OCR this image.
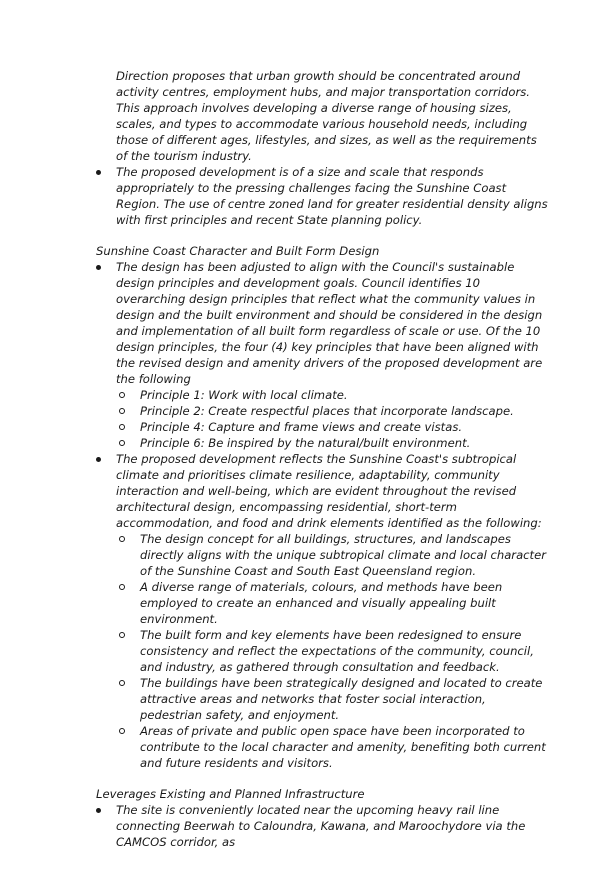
Direction proposes that urban growth should be concentrated around activity centres, employment hubs, and major transportation corridors. This approach involves developing a diverse range of housing sizes, scales, and types to accommodate various household needs, including those of different ages, lifestyles, and sizes, as well as the requirements of the tourism industry.
The proposed development is of a size and scale that responds appropriately to the pressing challenges facing the Sunshine Coast Region. The use of centre zoned land for greater residential density aligns with first principles and recent State planning policy.
Sunshine Coast Character and Built Form Design
The design has been adjusted to align with the Council's sustainable design principles and development goals. Council identifies 10 overarching design principles that reflect what the community values in design and the built environment and should be considered in the design and implementation of all built form regardless of scale or use. Of the 10 design principles, the four (4) key principles that have been aligned with the revised design and amenity drivers of the proposed development are the following
Principle 1: Work with local climate.
Principle 2: Create respectful places that incorporate landscape.
Principle 4: Capture and frame views and create vistas.
Principle 6: Be inspired by the natural/built environment.
The proposed development reflects the Sunshine Coast's subtropical climate and prioritises climate resilience, adaptability, community interaction and well-being, which are evident throughout the revised architectural design, encompassing residential, short-term accommodation, and food and drink elements identified as the following:
The design concept for all buildings, structures, and landscapes directly aligns with the unique subtropical climate and local character of the Sunshine Coast and South East Queensland region.
A diverse range of materials, colours, and methods have been employed to create an enhanced and visually appealing built environment.
The built form and key elements have been redesigned to ensure consistency and reflect the expectations of the community, council, and industry, as gathered through consultation and feedback.
The buildings have been strategically designed and located to create attractive areas and networks that foster social interaction, pedestrian safety, and enjoyment.
Areas of private and public open space have been incorporated to contribute to the local character and amenity, benefiting both current and future residents and visitors.
Leverages Existing and Planned Infrastructure
The site is conveniently located near the upcoming heavy rail line connecting Beerwah to Caloundra, Kawana, and Maroochydore via the CAMCOS corridor, as
